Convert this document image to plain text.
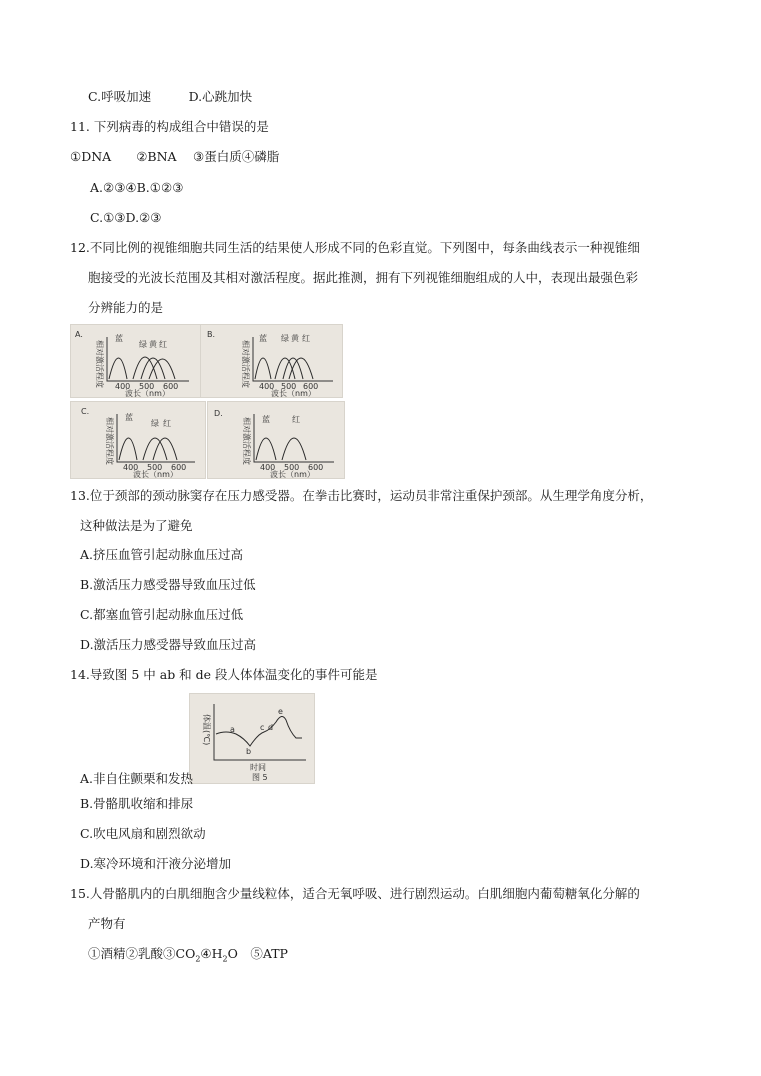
C.呼吸加速　　　D.心跳加快
11. 下列病毒的构成组合中错误的是
①DNA　　②BNA　 ③蛋白质④磷脂
A.②③④B.①②③
C.①③D.②③
12.不同比例的视锥细胞共同生活的结果使人形成不同的色彩直觉。下列图中，每条曲线表示一种视锥细
胞接受的光波长范围及其相对激活程度。据此推测，拥有下列视锥细胞组成的人中，表现出最强色彩
分辨能力的是
A.
相对激活程度
蓝
绿 黄 红
400 500 600
波长（nm）
B.
相对激活程度
蓝 绿 黄 红
400 500 600
波长（nm）
C.
相对激活程度 蓝
绿 红
400 500 600
波长（nm）
D.
相对激活程度 蓝	红
400 500 600
波长（nm）
13.位于颈部的颈动脉窦存在压力感受器。在拳击比赛时，运动员非常注重保护颈部。从生理学角度分析，
这种做法是为了避免
A.挤压血管引起动脉血压过高
B.激活压力感受器导致血压过低
C.都塞血管引起动脉血压过低
D.激活压力感受器导致血压过高
14.导致图 5 中 ab 和 de 段人体体温变化的事件可能是
体温(℃) a
b
c d
e
时间
图 5
A.非自住颤栗和发热
B.骨骼肌收缩和排尿
C.吹电风扇和剧烈欲动
D.寒冷环境和汗液分泌增加
15.人骨骼肌内的白肌细胞含少量线粒体，适合无氧呼吸、进行剧烈运动。白肌细胞内葡萄糖氧化分解的
产物有
①酒精②乳酸$③CO_2④H_2O$　⑤ATP
